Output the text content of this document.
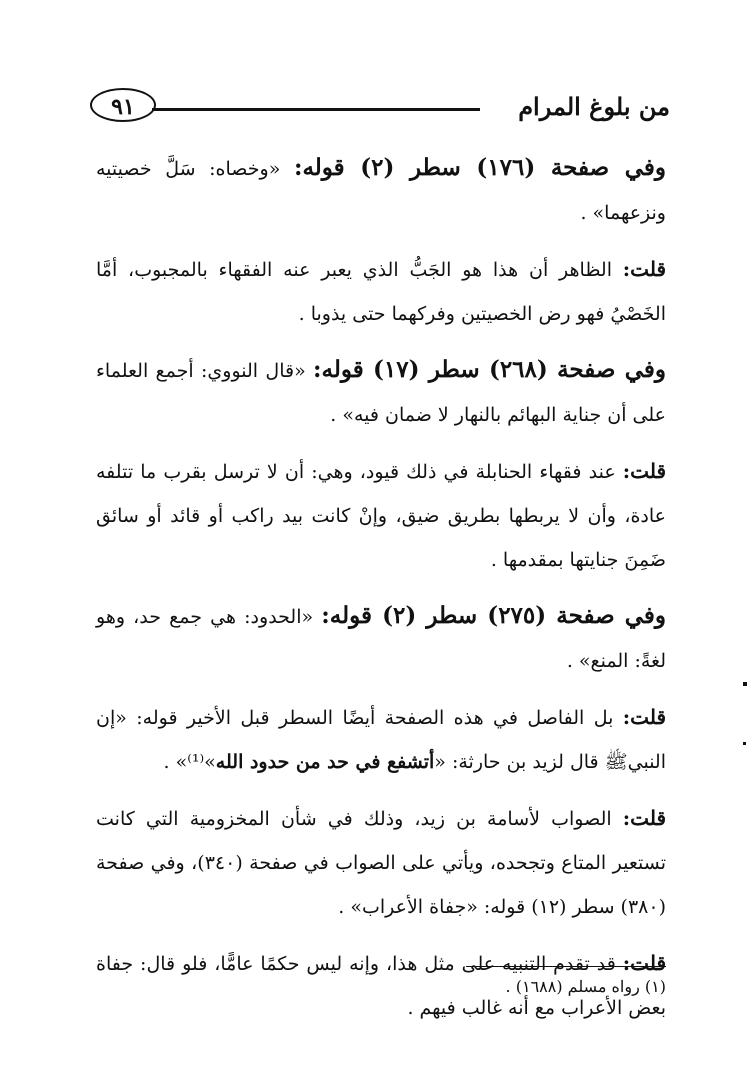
من بلوغ المرام
٩١

وفي صفحة (١٧٦) سطر (٢) قوله: «وخصاه: سَلَّ خصيتيه ونزعهما» .

قلت: الظاهر أن هذا هو الجَبُّ الذي يعبر عنه الفقهاء بالمجبوب، أمَّا الخَصْيُ فهو رض الخصيتين وفركهما حتى يذوبا .

وفي صفحة (٢٦٨) سطر (١٧) قوله: «قال النووي: أجمع العلماء على أن جناية البهائم بالنهار لا ضمان فيه» .

قلت: عند فقهاء الحنابلة في ذلك قيود، وهي: أن لا ترسل بقرب ما تتلفه عادة، وأن لا يربطها بطريق ضيق، وإنْ كانت بيد راكب أو قائد أو سائق ضَمِنَ جنايتها بمقدمها .

وفي صفحة (٢٧٥) سطر (٢) قوله: «الحدود: هي جمع حد، وهو لغةً: المنع» .

قلت: بل الفاصل في هذه الصفحة أيضًا السطر قبل الأخير قوله: «إن النبيﷺ قال لزيد بن حارثة: «أتشفع في حد من حدود الله»⁽¹⁾» .

قلت: الصواب لأسامة بن زيد، وذلك في شأن المخزومية التي كانت تستعير المتاع وتجحده، ويأتي على الصواب في صفحة (٣٤٠)، وفي صفحة (٣٨٠) سطر (١٢) قوله: «جفاة الأعراب» .

قلت: قد تقدم التنبيه على مثل هذا، وإنه ليس حكمًا عامًّا، فلو قال: جفاة بعض الأعراب مع أنه غالب فيهم .

(١) رواه مسلم (١٦٨٨) .
